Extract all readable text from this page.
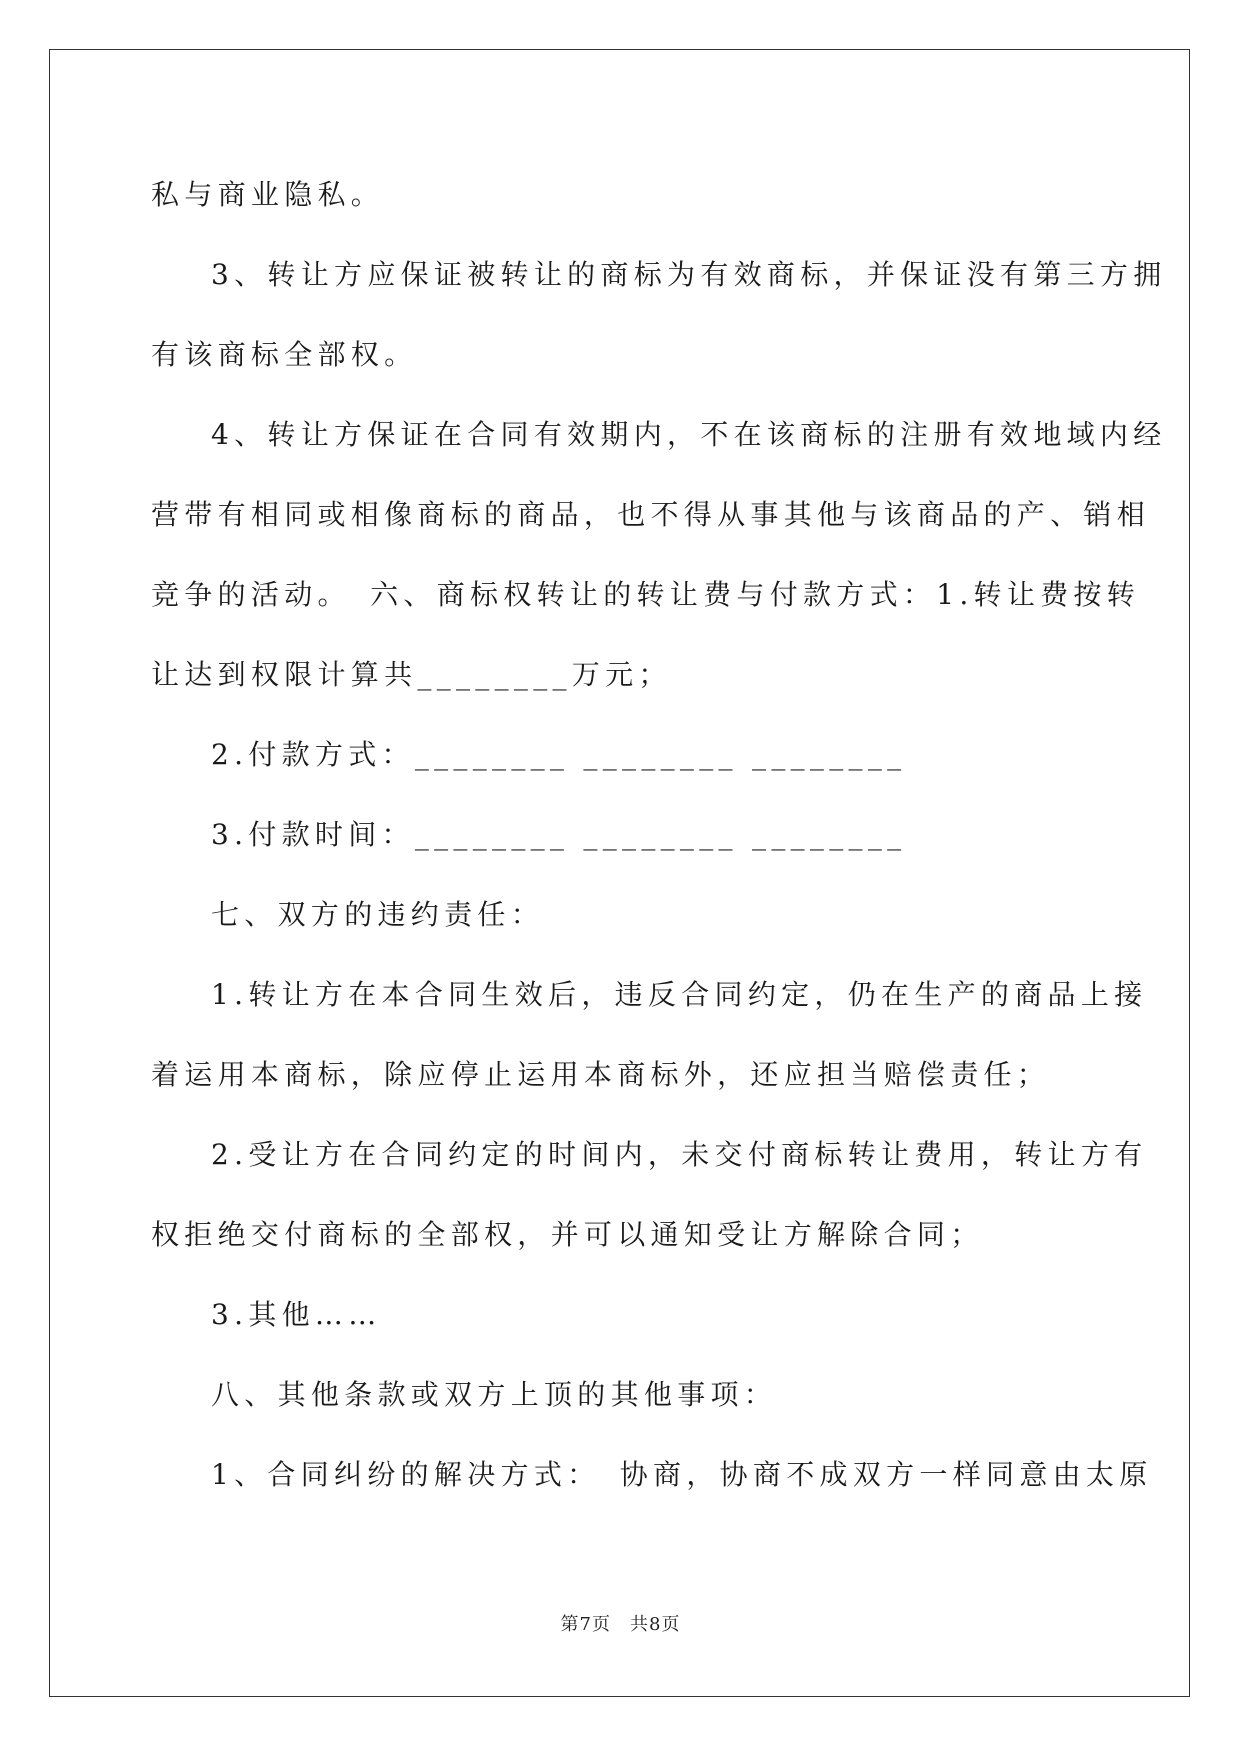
私与商业隐私。
3、转让方应保证被转让的商标为有效商标，并保证没有第三方拥
有该商标全部权。
4、转让方保证在合同有效期内，不在该商标的注册有效地域内经
营带有相同或相像商标的商品，也不得从事其他与该商品的产、销相
竞争的活动。　六、商标权转让的转让费与付款方式：1.转让费按转
让达到权限计算共________万元；
2.付款方式：________ ________ ________
3.付款时间：________ ________ ________
七、双方的违约责任：
1.转让方在本合同生效后，违反合同约定，仍在生产的商品上接
着运用本商标，除应停止运用本商标外，还应担当赔偿责任；
2.受让方在合同约定的时间内，未交付商标转让费用，转让方有
权拒绝交付商标的全部权，并可以通知受让方解除合同；
3.其他……
八、其他条款或双方上顶的其他事项：
1、合同纠纷的解决方式：　协商，协商不成双方一样同意由太原
第7页　共8页
